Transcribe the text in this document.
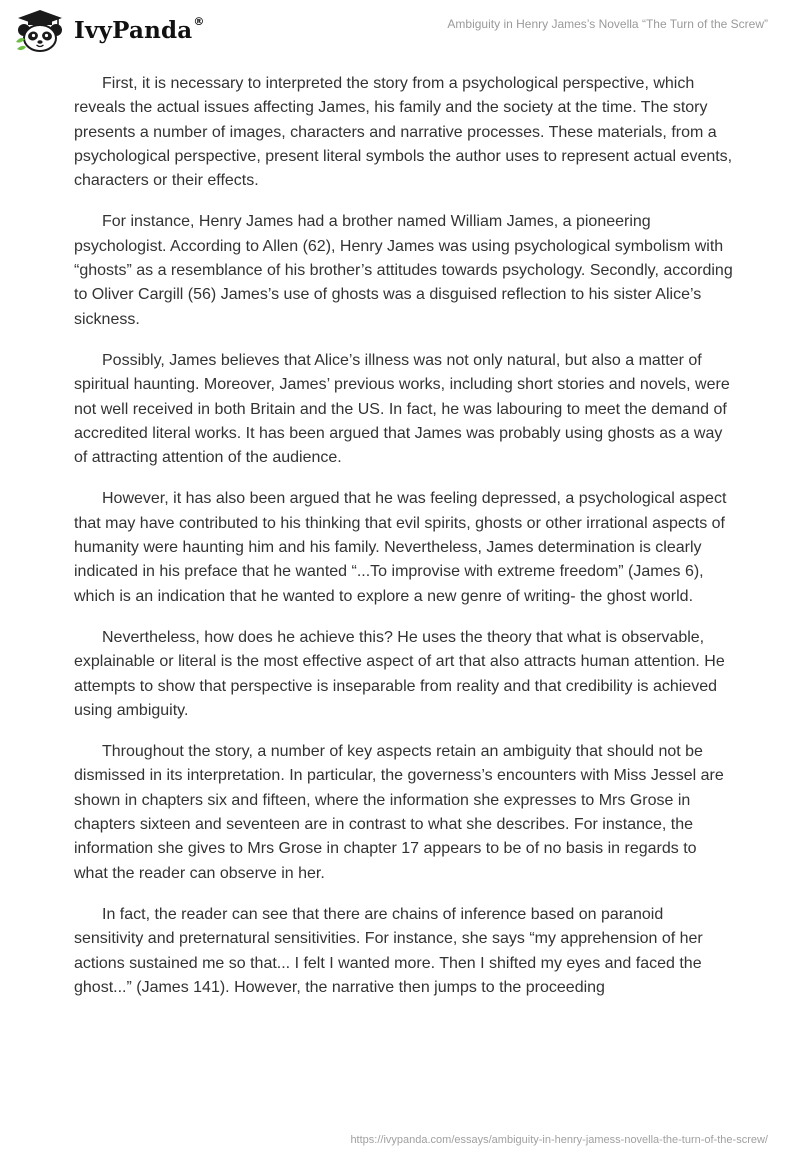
IvyPanda®	Ambiguity in Henry James’s Novella “The Turn of the Screw”

First, it is necessary to interpreted the story from a psychological perspective, which reveals the actual issues affecting James, his family and the society at the time. The story presents a number of images, characters and narrative processes. These materials, from a psychological perspective, present literal symbols the author uses to represent actual events, characters or their effects.

For instance, Henry James had a brother named William James, a pioneering psychologist. According to Allen (62), Henry James was using psychological symbolism with “ghosts” as a resemblance of his brother’s attitudes towards psychology. Secondly, according to Oliver Cargill (56) James’s use of ghosts was a disguised reflection to his sister Alice’s sickness.

Possibly, James believes that Alice’s illness was not only natural, but also a matter of spiritual haunting. Moreover, James’ previous works, including short stories and novels, were not well received in both Britain and the US. In fact, he was labouring to meet the demand of accredited literal works. It has been argued that James was probably using ghosts as a way of attracting attention of the audience.

However, it has also been argued that he was feeling depressed, a psychological aspect that may have contributed to his thinking that evil spirits, ghosts or other irrational aspects of humanity were haunting him and his family. Nevertheless, James determination is clearly indicated in his preface that he wanted “...To improvise with extreme freedom” (James 6), which is an indication that he wanted to explore a new genre of writing- the ghost world.

Nevertheless, how does he achieve this? He uses the theory that what is observable, explainable or literal is the most effective aspect of art that also attracts human attention. He attempts to show that perspective is inseparable from reality and that credibility is achieved using ambiguity.

Throughout the story, a number of key aspects retain an ambiguity that should not be dismissed in its interpretation. In particular, the governess’s encounters with Miss Jessel are shown in chapters six and fifteen, where the information she expresses to Mrs Grose in chapters sixteen and seventeen are in contrast to what she describes. For instance, the information she gives to Mrs Grose in chapter 17 appears to be of no basis in regards to what the reader can observe in her.

In fact, the reader can see that there are chains of inference based on paranoid sensitivity and preternatural sensitivities. For instance, she says “my apprehension of her actions sustained me so that... I felt I wanted more. Then I shifted my eyes and faced the ghost...” (James 141). However, the narrative then jumps to the proceeding

https://ivypanda.com/essays/ambiguity-in-henry-jamess-novella-the-turn-of-the-screw/
